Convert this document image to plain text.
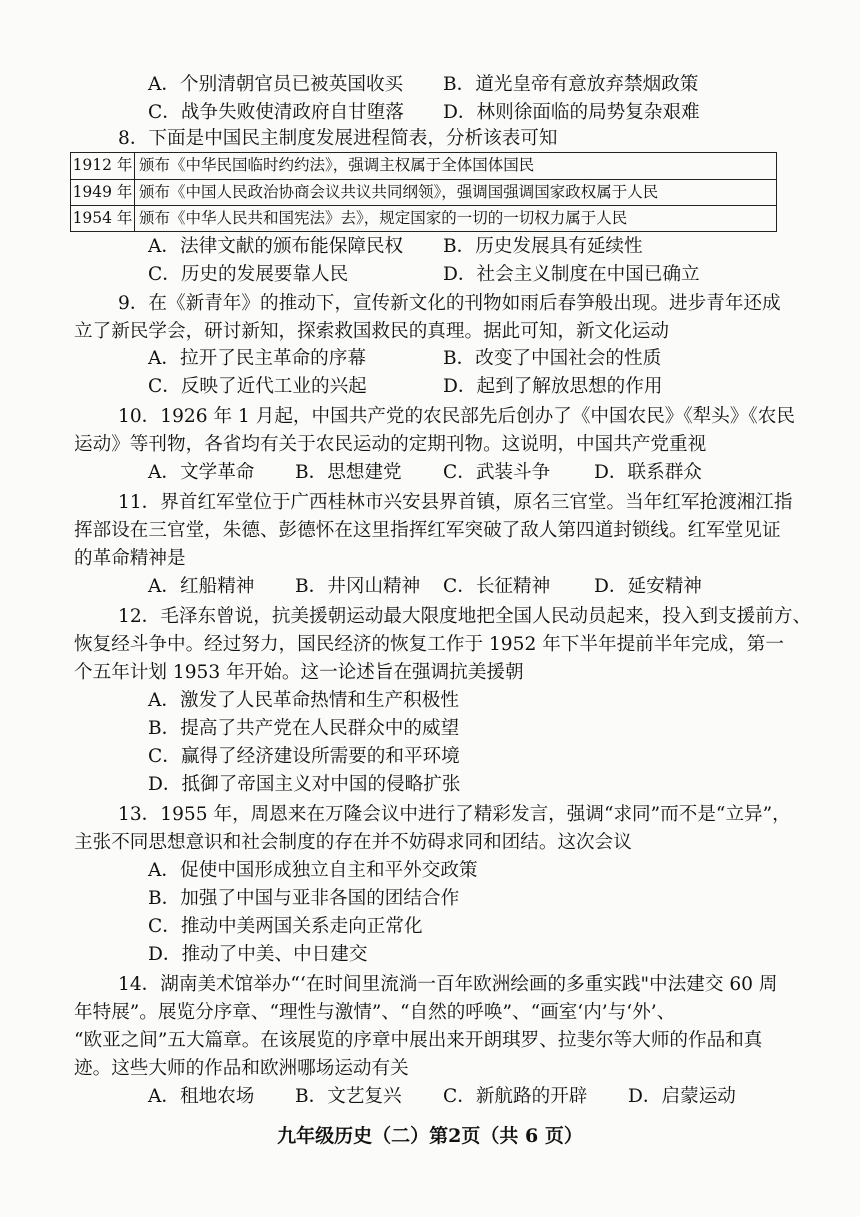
A．个别清朝官员已被英国收买 B．道光皇帝有意放弃禁烟政策
C．战争失败使清政府自甘堕落 D．林则徐面临的局势复杂艰难
8．下面是中国民主制度发展进程简表，分析该表可知
1912 年 颁布《中华民国临时约约法》，强调主权属于全体国体国民
1949 年 颁布《中国人民政治协商会议共议共同纲领》，强调国强调国家政权属于人民
1954 年 颁布《中华人民共和国宪法》去》，规定国家的一切的一切权力属于人民
A．法律文献的颁布能保障民权 B．历史发展具有延续性
C．历史的发展要靠人民	D．社会主义制度在中国已确立
9．在《新青年》的推动下，宣传新文化的刊物如雨后春笋般出现。进步青年还成
立了新民学会，研讨新知，探索救国救民的真理。据此可知，新文化运动
A．拉开了民主革命的序幕	B．改变了中国社会的性质
C．反映了近代工业的兴起	D．起到了解放思想的作用
10．1926 年 1 月起，中国共产党的农民部先后创办了《中国农民》《犁头》《农民
运动》等刊物，各省均有关于农民运动的定期刊物。这说明，中国共产党重视
A．文学革命 B．思想建党 C．武装斗争 D．联系群众
11．界首红军堂位于广西桂林市兴安县界首镇，原名三官堂。当年红军抢渡湘江指
挥部设在三官堂，朱德、彭德怀在这里指挥红军突破了敌人第四道封锁线。红军堂见证
的革命精神是
A．红船精神 B．井冈山精神 C．长征精神 D．延安精神
12．毛泽东曾说，抗美援朝运动最大限度地把全国人民动员起来，投入到支援前方、
恢复经斗争中。经过努力，国民经济的恢复工作于 1952 年下半年提前半年完成，第一
个五年计划 1953 年开始。这一论述旨在强调抗美援朝
A．激发了人民革命热情和生产积极性
B．提高了共产党在人民群众中的威望
C．赢得了经济建设所需要的和平环境
D．抵御了帝国主义对中国的侵略扩张
13．1955 年，周恩来在万隆会议中进行了精彩发言，强调“求同”而不是“立异”，
主张不同思想意识和社会制度的存在并不妨碍求同和团结。这次会议
A．促使中国形成独立自主和平外交政策
B．加强了中国与亚非各国的团结合作
C．推动中美两国关系走向正常化
D．推动了中美、中日建交
14．湖南美术馆举办“‘在时间里流淌一百年欧洲绘画的多重实践"中法建交 60 周
年特展”。展览分序章、“理性与激情”、“自然的呼唤”、“画室‘内’与‘外’、
“欧亚之间”五大篇章。在该展览的序章中展出来开朗琪罗、拉斐尔等大师的作品和真
迹。这些大师的作品和欧洲哪场运动有关
A．租地农场 B．文艺复兴 C．新航路的开辟 D．启蒙运动
九年级历史（二）第2页（共 6 页）
